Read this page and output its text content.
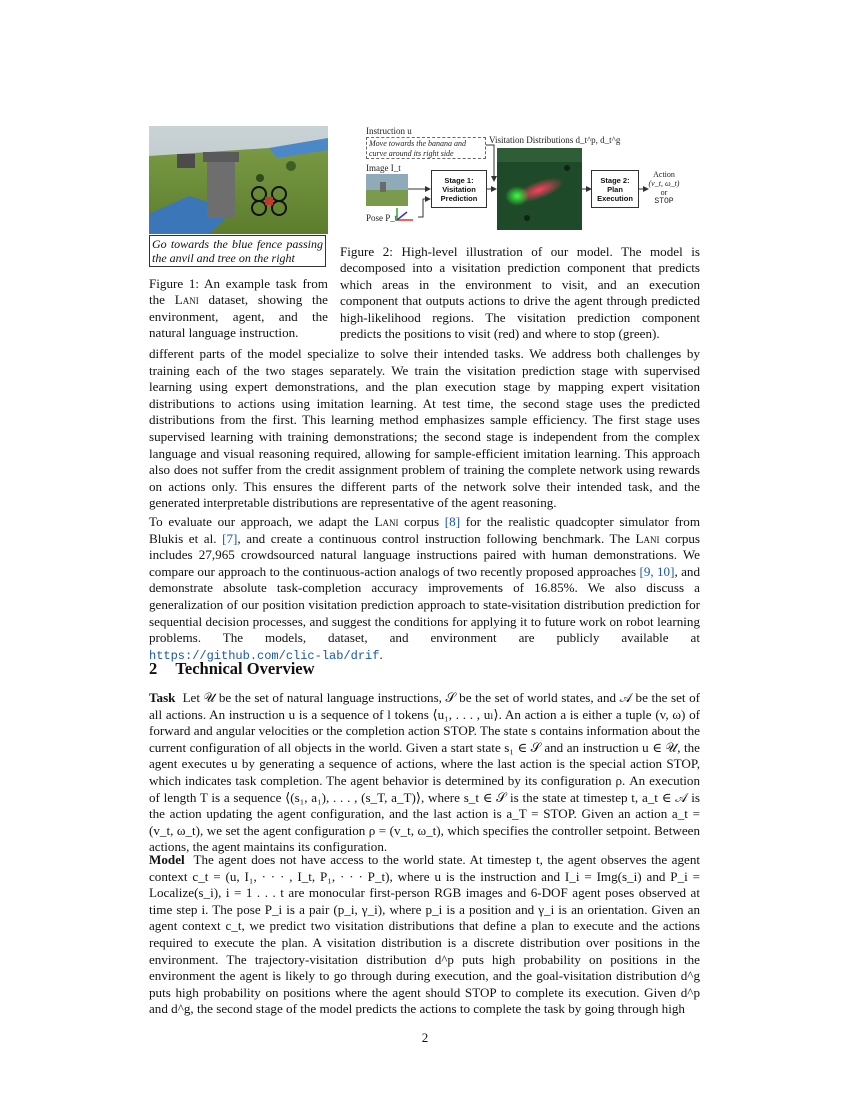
Go towards the blue fence passing the anvil and tree on the right

Figure 1: An example task from the Lani dataset, showing the environment, agent, and the natural language instruction.

Instruction u
Move towards the banana and curve around its right side
Image I_t
Pose P_t
Stage 1: Visitation Prediction
Visitation Distributions d_t^p, d_t^g
Stage 2: Plan Execution
Action
(v_t, ω_t)
or
STOP

Figure 2: High-level illustration of our model. The model is decomposed into a visitation prediction component that predicts which areas in the environment to visit, and an execution component that outputs actions to drive the agent through predicted high-likelihood regions. The visitation prediction component predicts the positions to visit (red) and where to stop (green).

different parts of the model specialize to solve their intended tasks. We address both challenges by training each of the two stages separately. We train the visitation prediction stage with supervised learning using expert demonstrations, and the plan execution stage by mapping expert visitation distributions to actions using imitation learning. At test time, the second stage uses the predicted distributions from the first. This learning method emphasizes sample efficiency. The first stage uses supervised learning with training demonstrations; the second stage is independent from the complex language and visual reasoning required, allowing for sample-efficient imitation learning. This approach also does not suffer from the credit assignment problem of training the complete network using rewards on actions only. This ensures the different parts of the network solve their intended task, and the generated interpretable distributions are representative of the agent reasoning.

To evaluate our approach, we adapt the Lani corpus [8] for the realistic quadcopter simulator from Blukis et al. [7], and create a continuous control instruction following benchmark. The Lani corpus includes 27,965 crowdsourced natural language instructions paired with human demonstrations. We compare our approach to the continuous-action analogs of two recently proposed approaches [9, 10], and demonstrate absolute task-completion accuracy improvements of 16.85%. We also discuss a generalization of our position visitation prediction approach to state-visitation distribution prediction for sequential decision processes, and suggest the conditions for applying it to future work on robot learning problems. The models, dataset, and environment are publicly available at https://github.com/clic-lab/drif.

2 Technical Overview

Task Let 𝒰 be the set of natural language instructions, 𝒮 be the set of world states, and 𝒜 be the set of all actions. An instruction u is a sequence of l tokens ⟨u₁, . . . , uₗ⟩. An action a is either a tuple (v, ω) of forward and angular velocities or the completion action STOP. The state s contains information about the current configuration of all objects in the world. Given a start state s₁ ∈ 𝒮 and an instruction u ∈ 𝒰, the agent executes u by generating a sequence of actions, where the last action is the special action STOP, which indicates task completion. The agent behavior is determined by its configuration ρ. An execution of length T is a sequence ⟨(s₁, a₁), . . . , (s_T, a_T)⟩, where s_t ∈ 𝒮 is the state at timestep t, a_t ∈ 𝒜 is the action updating the agent configuration, and the last action is a_T = STOP. Given an action a_t = (v_t, ω_t), we set the agent configuration ρ = (v_t, ω_t), which specifies the controller setpoint. Between actions, the agent maintains its configuration.

Model The agent does not have access to the world state. At timestep t, the agent observes the agent context c_t = (u, I₁, · · · , I_t, P₁, · · · P_t), where u is the instruction and I_i = Img(s_i) and P_i = Localize(s_i), i = 1 . . . t are monocular first-person RGB images and 6-DOF agent poses observed at time step i. The pose P_i is a pair (p_i, γ_i), where p_i is a position and γ_i is an orientation. Given an agent context c_t, we predict two visitation distributions that define a plan to execute and the actions required to execute the plan. A visitation distribution is a discrete distribution over positions in the environment. The trajectory-visitation distribution d^p puts high probability on positions in the environment the agent is likely to go through during execution, and the goal-visitation distribution d^g puts high probability on positions where the agent should STOP to complete its execution. Given d^p and d^g, the second stage of the model predicts the actions to complete the task by going through high

2
